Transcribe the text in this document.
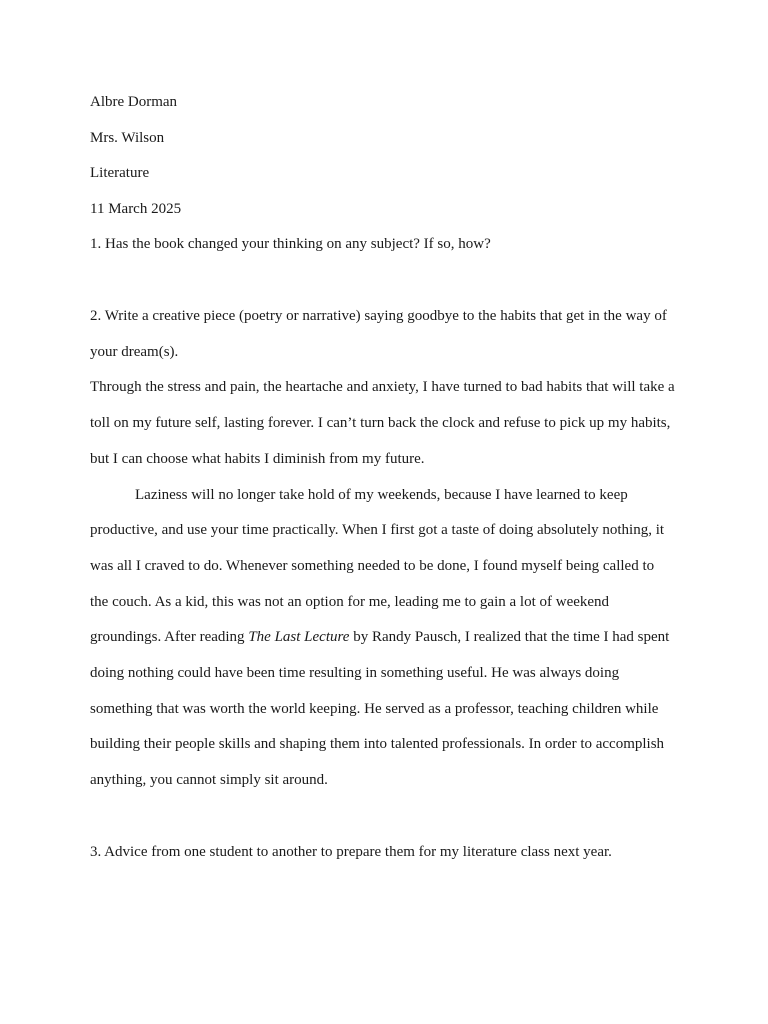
Albre Dorman
Mrs. Wilson
Literature
11 March 2025
1. Has the book changed your thinking on any subject? If so, how?
2. Write a creative piece (poetry or narrative) saying goodbye to the habits that get in the way of
your dream(s).
Through the stress and pain, the heartache and anxiety, I have turned to bad habits that will take a
toll on my future self, lasting forever. I can’t turn back the clock and refuse to pick up my habits,
but I can choose what habits I diminish from my future.
Laziness will no longer take hold of my weekends, because I have learned to keep
productive, and use your time practically. When I first got a taste of doing absolutely nothing, it
was all I craved to do. Whenever something needed to be done, I found myself being called to
the couch. As a kid, this was not an option for me, leading me to gain a lot of weekend
groundings. After reading The Last Lecture by Randy Pausch, I realized that the time I had spent
doing nothing could have been time resulting in something useful. He was always doing
something that was worth the world keeping. He served as a professor, teaching children while
building their people skills and shaping them into talented professionals. In order to accomplish
anything, you cannot simply sit around.
3. Advice from one student to another to prepare them for my literature class next year.
